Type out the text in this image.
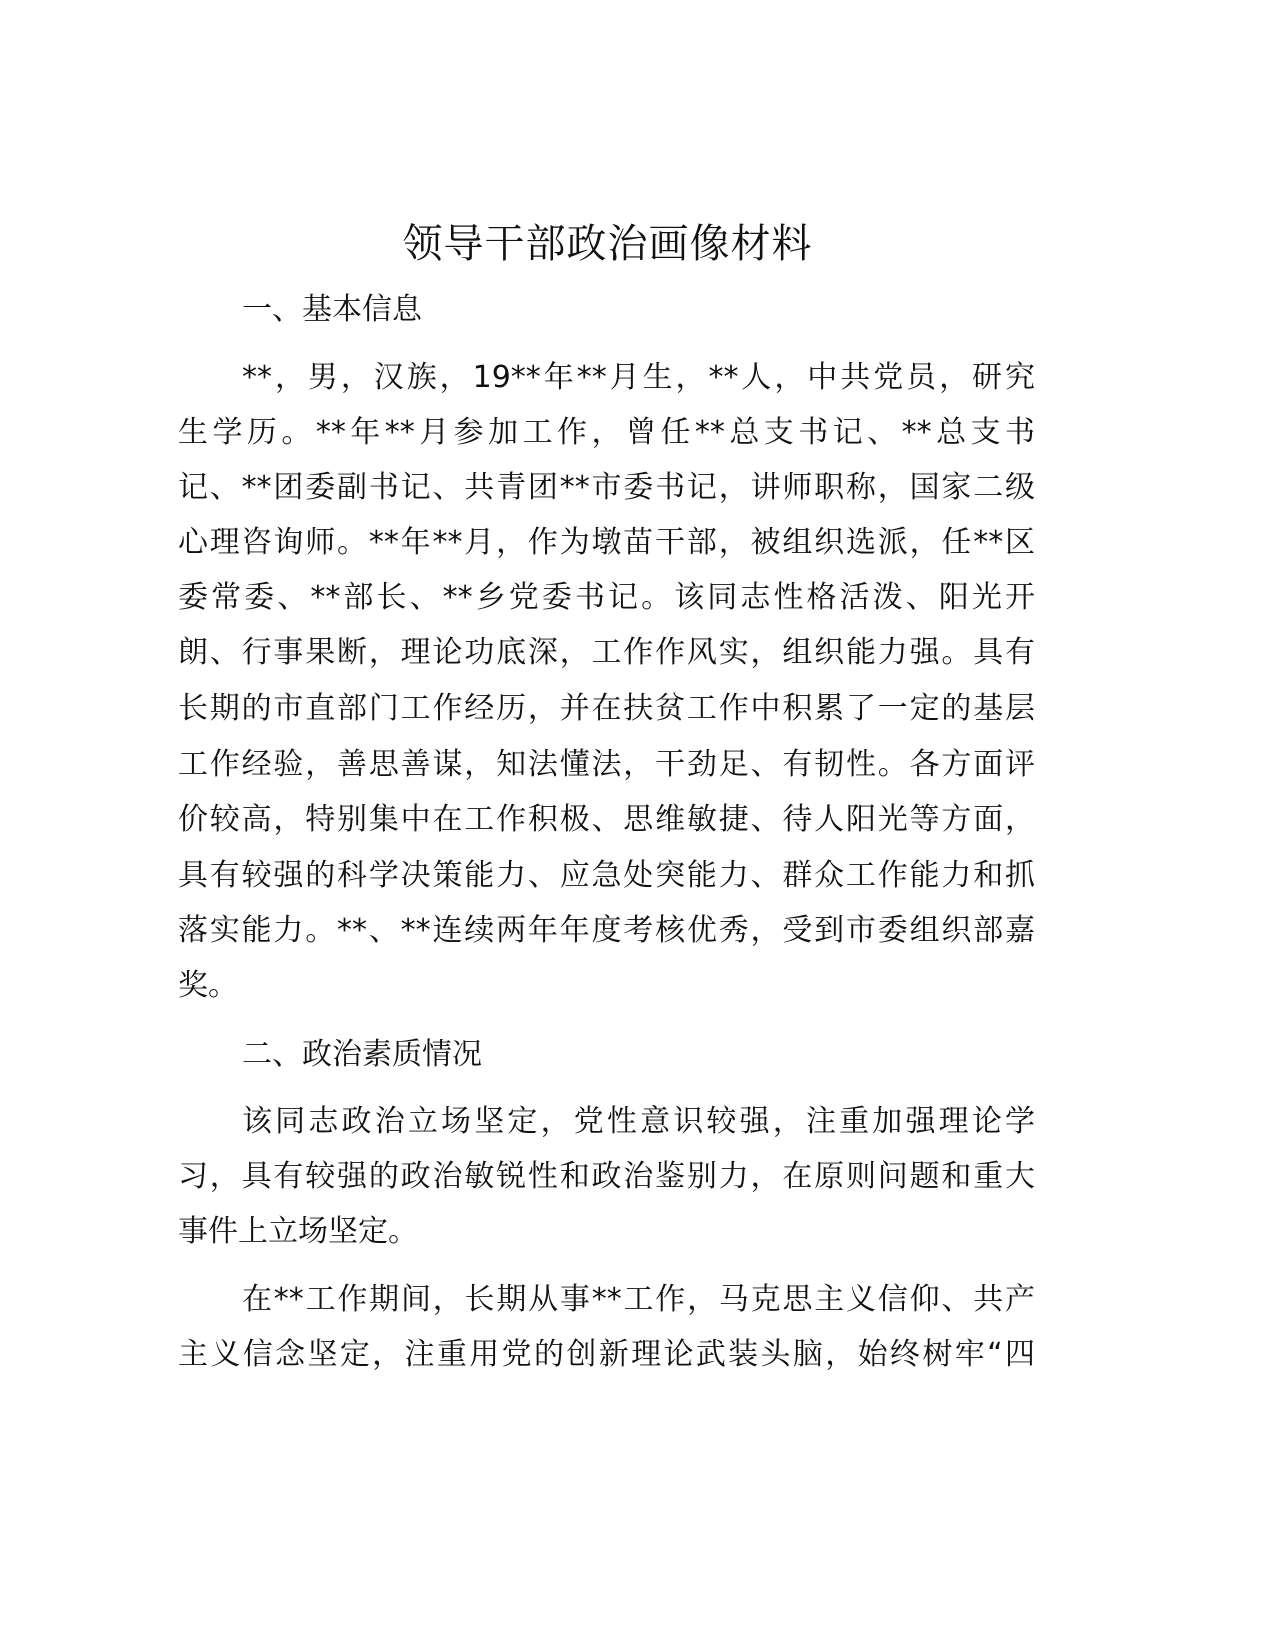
领导干部政治画像材料
一、基本信息
**，男，汉族，19**年**月生，**人，中共党员，研究
生学历。**年**月参加工作，曾任**总支书记、**总支书
记、**团委副书记、共青团**市委书记，讲师职称，国家二级
心理咨询师。**年**月，作为墩苗干部，被组织选派，任**区
委常委、**部长、**乡党委书记。该同志性格活泼、阳光开
朗、行事果断，理论功底深，工作作风实，组织能力强。具有
长期的市直部门工作经历，并在扶贫工作中积累了一定的基层
工作经验，善思善谋，知法懂法，干劲足、有韧性。各方面评
价较高，特别集中在工作积极、思维敏捷、待人阳光等方面，
具有较强的科学决策能力、应急处突能力、群众工作能力和抓
落实能力。**、**连续两年年度考核优秀，受到市委组织部嘉
奖。
二、政治素质情况
该同志政治立场坚定，党性意识较强，注重加强理论学
习，具有较强的政治敏锐性和政治鉴别力，在原则问题和重大
事件上立场坚定。
在**工作期间，长期从事**工作，马克思主义信仰、共产
主义信念坚定，注重用党的创新理论武装头脑，始终树牢“四
